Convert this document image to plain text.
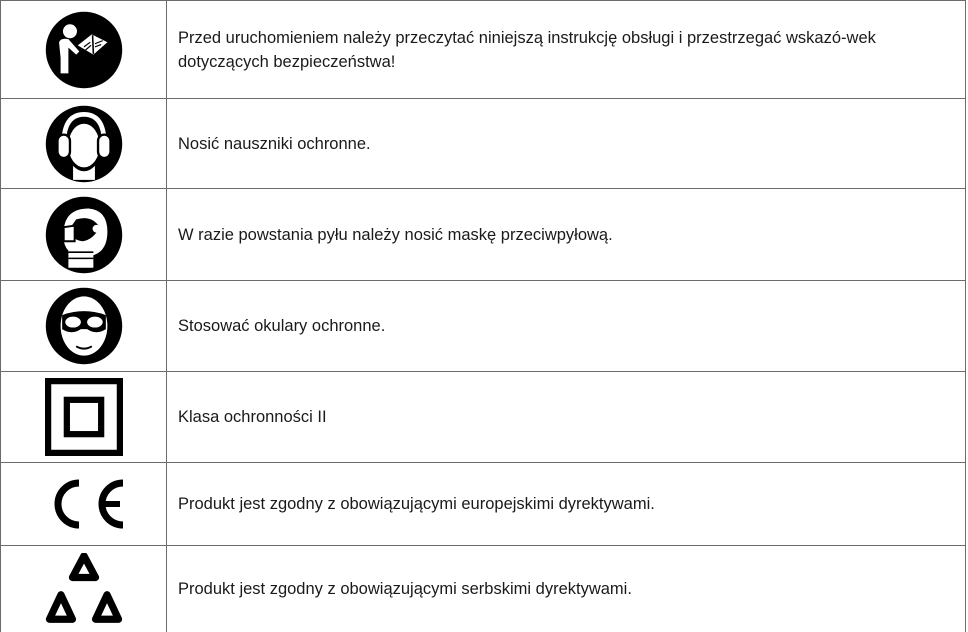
Przed uruchomieniem należy przeczytać niniejszą instrukcję obsługi i przestrzegać wskazó-wek dotyczących bezpieczeństwa!
Nosić nauszniki ochronne.
W razie powstania pyłu należy nosić maskę przeciwpyłową.
Stosować okulary ochronne.
Klasa ochronności II
Produkt jest zgodny z obowiązującymi europejskimi dyrektywami.
Produkt jest zgodny z obowiązującymi serbskimi dyrektywami.
